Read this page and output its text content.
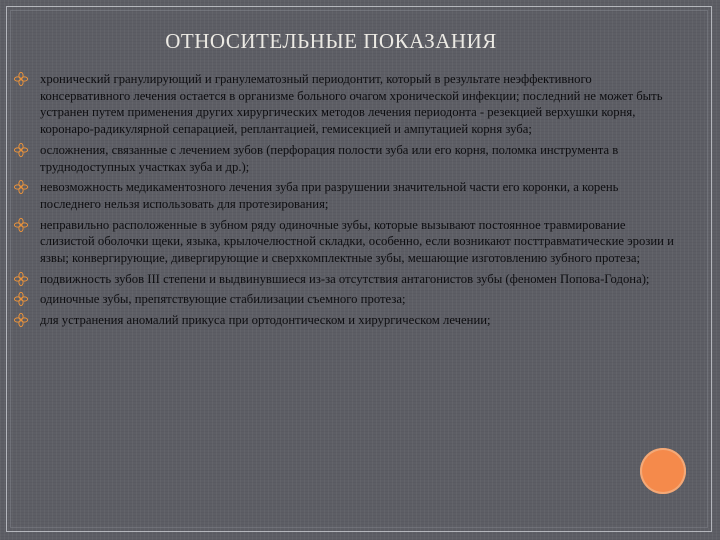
ОТНОСИТЕЛЬНЫЕ ПОКАЗАНИЯ
хронический гранулирующий и гранулематозный периодонтит, который в результате неэффективного консервативного лечения остается в организме больного очагом хронической инфекции; последний не может быть устранен путем применения других хирургических методов лечения периодонта - резекцией верхушки корня, коронаро-радикулярной сепарацией, реплантацией, гемисекцией и ампутацией корня зуба;
осложнения, связанные с лечением зубов (перфорация полости зуба или его корня, поломка инструмента в труднодоступных участках зуба и др.);
невозможность медикаментозного лечения зуба при разрушении значительной части его коронки, а корень последнего нельзя использовать для протезирования;
неправильно расположенные в зубном ряду одиночные зубы, которые вызывают постоянное травмирование слизистой оболочки щеки, языка, крылочелюстной складки, особенно, если возникают посттравматические эрозии и язвы; конвергирующие, дивергирующие и сверхкомплектные зубы, мешающие изготовлению зубного протеза;
подвижность зубов III степени и выдвинувшиеся из-за отсутствия антагонистов зубы (феномен Попова-Годона);
одиночные зубы, препятствующие стабилизации съемного протеза;
для устранения аномалий прикуса при ортодонтическом и хирургическом лечении;
